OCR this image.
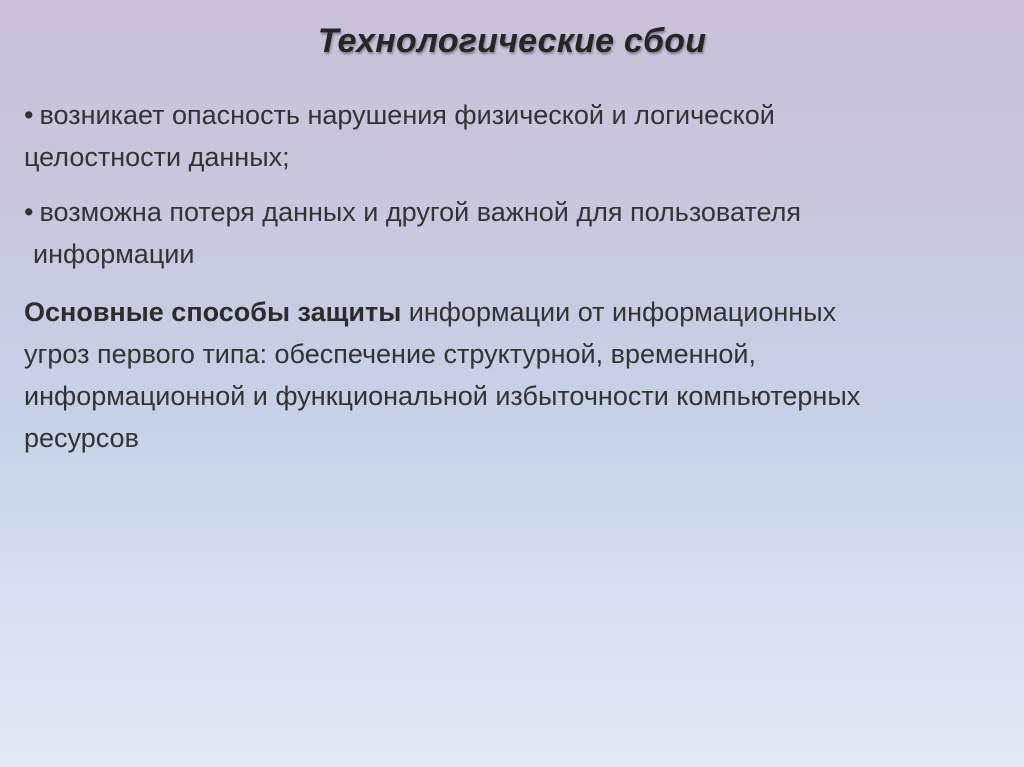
Технологические сбои
• возникает опасность нарушения физической и логической
целостности данных;
• возможна потеря данных и другой важной для пользователя
информации
Основные способы защиты информации от информационных
угроз первого типа: обеспечение структурной, временной,
информационной и функциональной избыточности компьютерных
ресурсов
